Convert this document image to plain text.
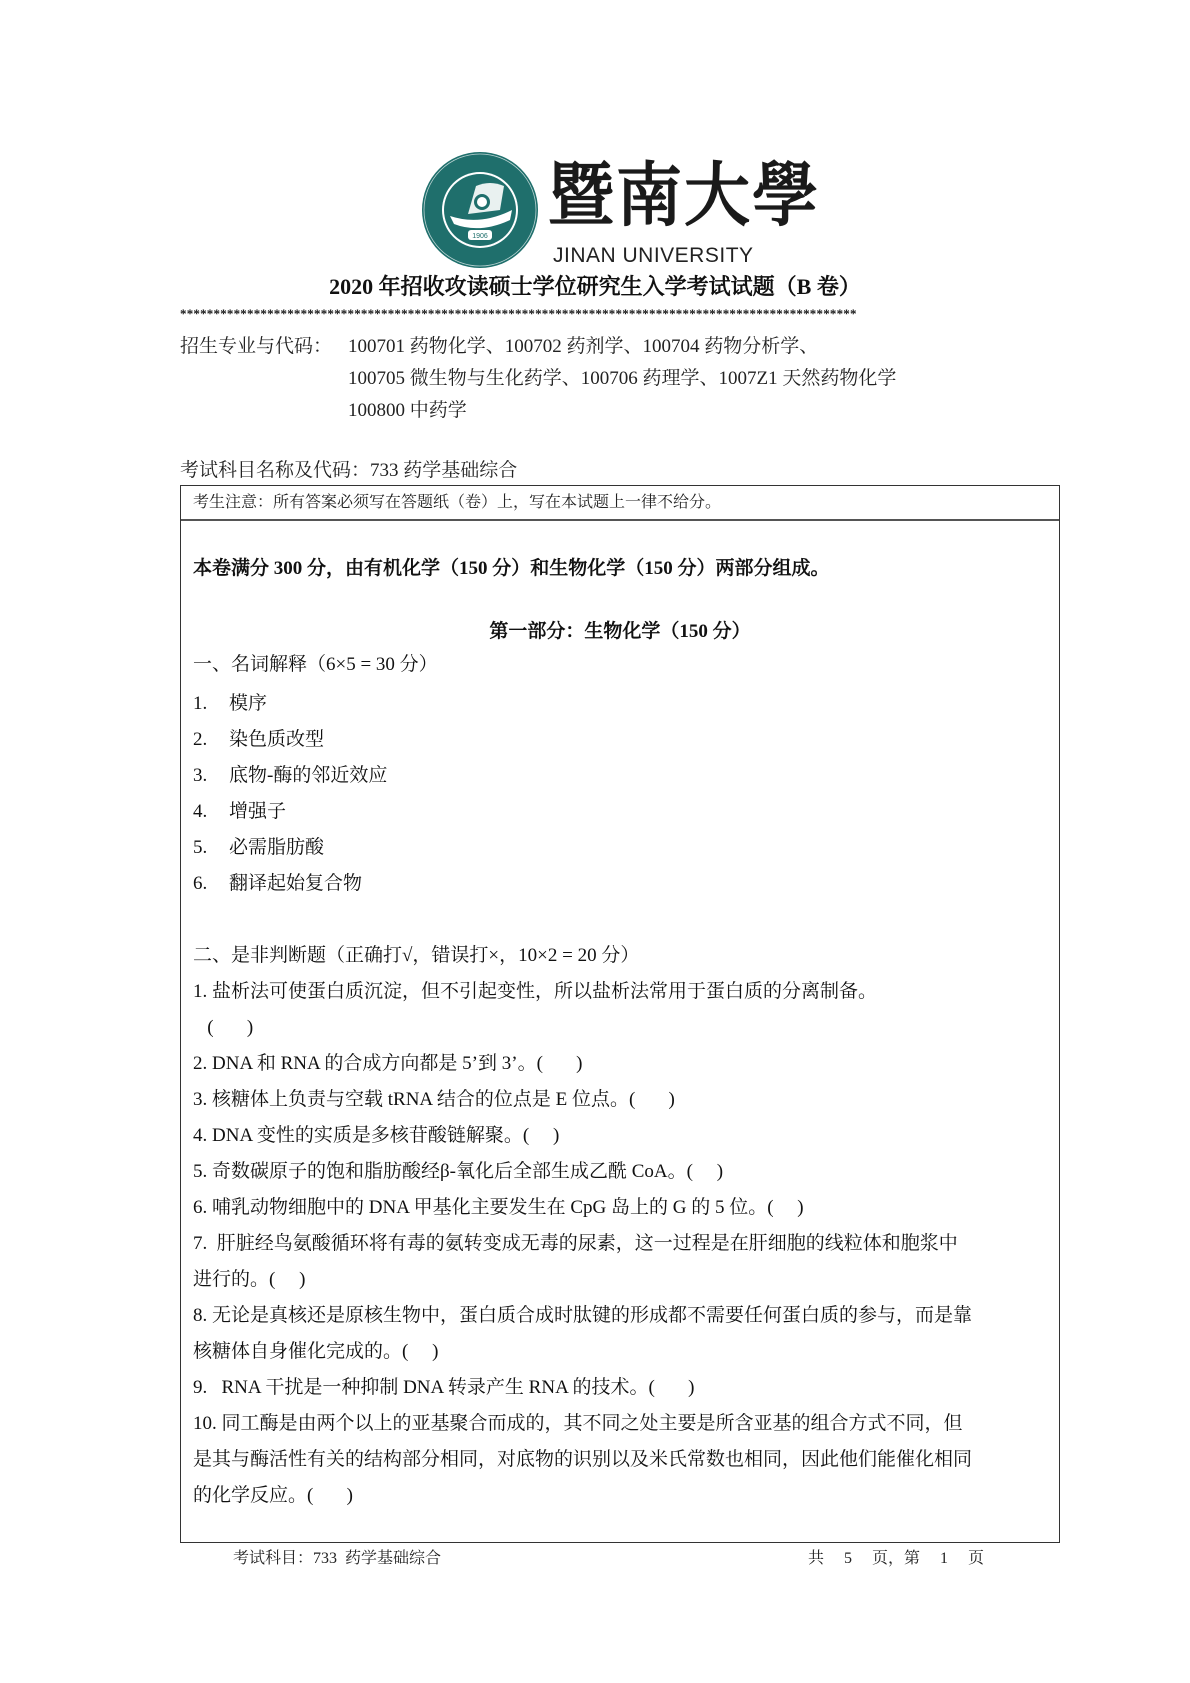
1906
暨南大學
JINAN UNIVERSITY
2020 年招收攻读硕士学位研究生入学考试试题（B 卷）
*****************************************************************************************************
招生专业与代码： 100701 药物化学、100702 药剂学、100704 药物分析学、
100705 微生物与生化药学、100706 药理学、1007Z1 天然药物化学
100800 中药学
考试科目名称及代码：733 药学基础综合
考生注意：所有答案必须写在答题纸（卷）上，写在本试题上一律不给分。
本卷满分 300 分，由有机化学（150 分）和生物化学（150 分）两部分组成。
第一部分：生物化学（150 分）
一、名词解释（6×5 = 30 分）
1. 模序
2. 染色质改型
3. 底物-酶的邻近效应
4. 增强子
5. 必需脂肪酸
6. 翻译起始复合物
二、是非判断题（正确打√，错误打×，10×2 = 20 分）
1. 盐析法可使蛋白质沉淀，但不引起变性，所以盐析法常用于蛋白质的分离制备。
(       )
2. DNA 和 RNA 的合成方向都是 5’到 3’。(       )
3. 核糖体上负责与空载 tRNA 结合的位点是 E 位点。(       )
4. DNA 变性的实质是多核苷酸链解聚。(     )
5. 奇数碳原子的饱和脂肪酸经β-氧化后全部生成乙酰 CoA。(     )
6. 哺乳动物细胞中的 DNA 甲基化主要发生在 CpG 岛上的 G 的 5 位。(     )
7.  肝脏经鸟氨酸循环将有毒的氨转变成无毒的尿素，这一过程是在肝细胞的线粒体和胞浆中
进行的。(     )
8. 无论是真核还是原核生物中，蛋白质合成时肽键的形成都不需要任何蛋白质的参与，而是靠
核糖体自身催化完成的。(     )
9.   RNA 干扰是一种抑制 DNA 转录产生 RNA 的技术。(       )
10. 同工酶是由两个以上的亚基聚合而成的，其不同之处主要是所含亚基的组合方式不同，但
是其与酶活性有关的结构部分相同，对底物的识别以及米氏常数也相同，因此他们能催化相同
的化学反应。(       )
考试科目：733  药学基础综合	共  5  页，第  1  页
